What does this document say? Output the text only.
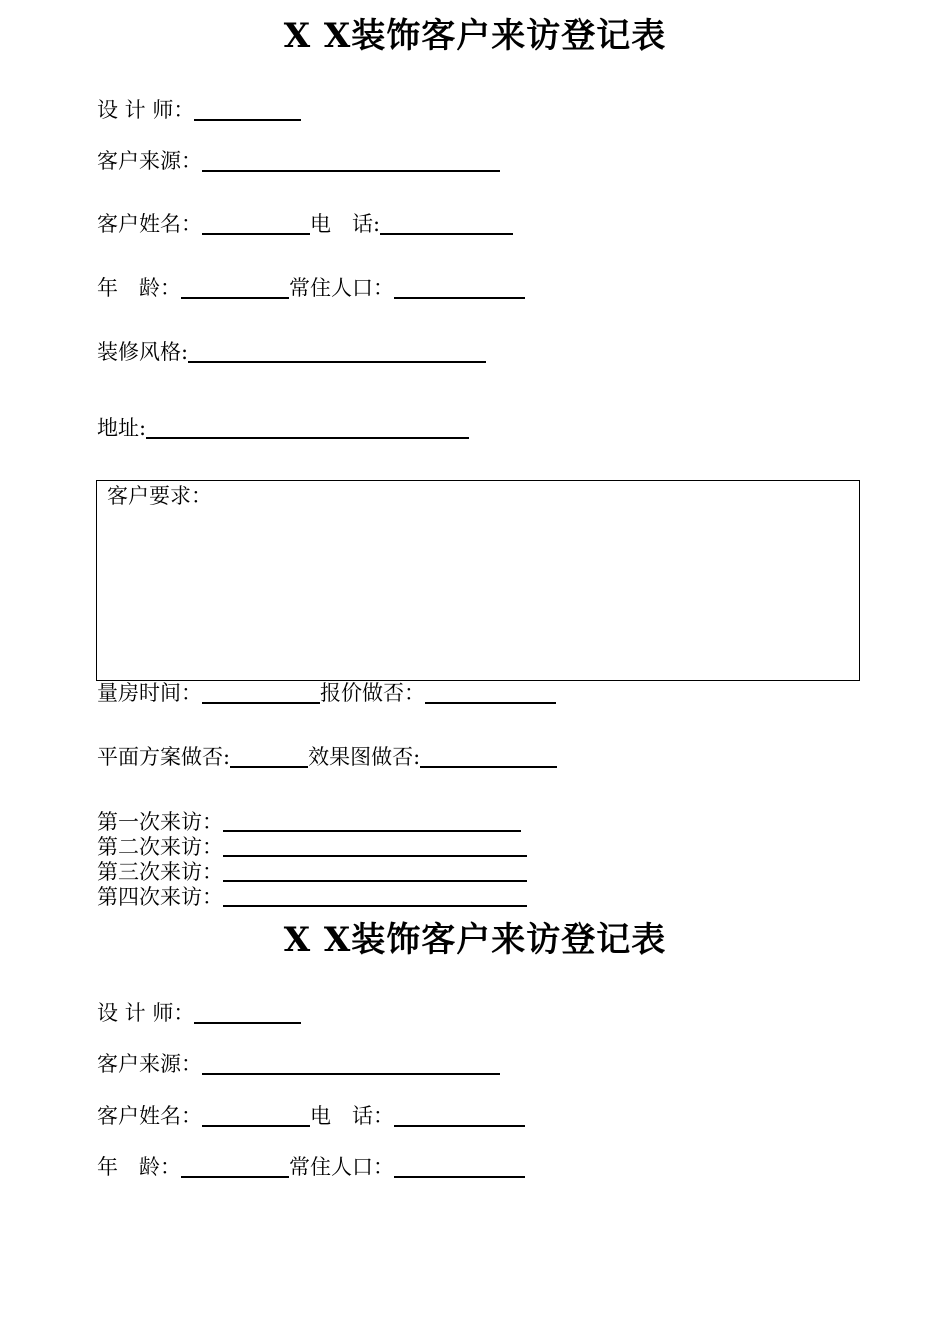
X X装饰客户来访登记表
设 计 师：
客户来源：
客户姓名：	电　话:
年　龄：	常住人口：
装修风格:
地址:
客户要求：
量房时间：	报价做否：
平面方案做否:	效果图做否:
第一次来访：
第二次来访：
第三次来访：
第四次来访：
X X装饰客户来访登记表
设 计 师：
客户来源：
客户姓名：	电　话：
年　龄：	常住人口：
